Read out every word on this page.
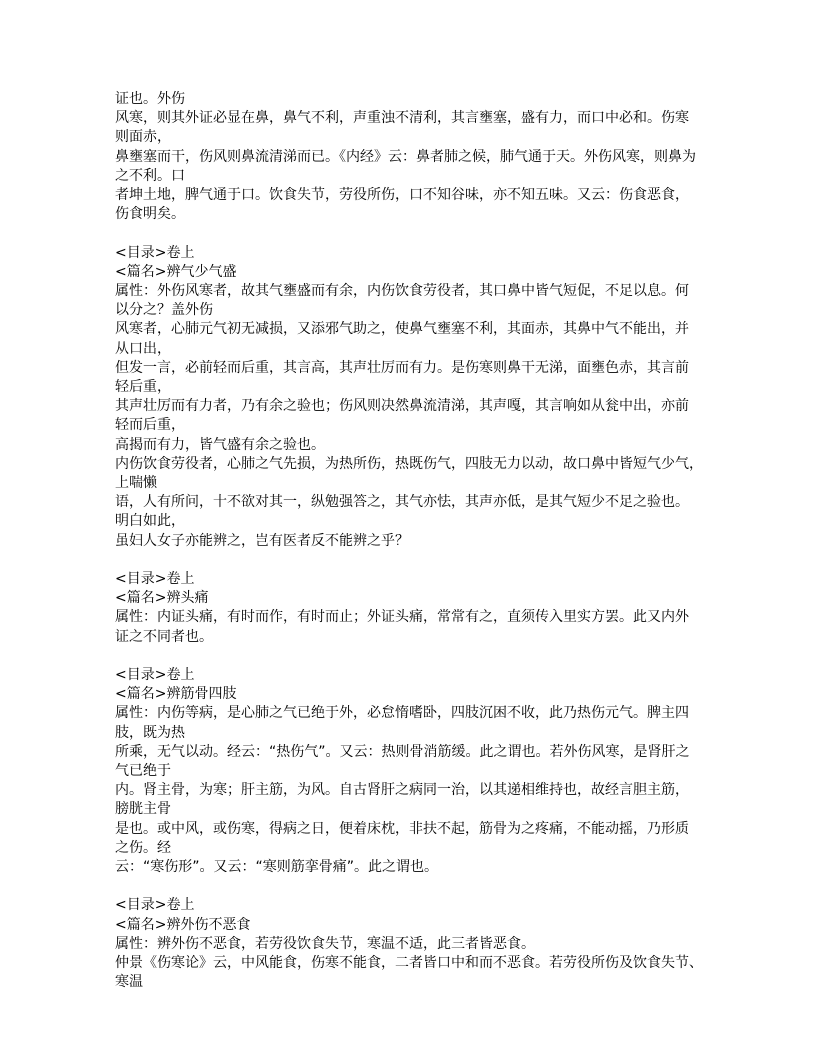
证也。外伤
风寒，则其外证必显在鼻，鼻气不利，声重浊不清利，其言壅塞，盛有力，而口中必和。伤寒
则面赤，
鼻壅塞而干，伤风则鼻流清涕而已。《内经》云：鼻者肺之候，肺气通于天。外伤风寒，则鼻为
之不利。口
者坤土地，脾气通于口。饮食失节，劳役所伤，口不知谷味，亦不知五味。又云：伤食恶食，
伤食明矣。
<目录>卷上
<篇名>辨气少气盛
属性：外伤风寒者，故其气壅盛而有余，内伤饮食劳役者，其口鼻中皆气短促，不足以息。何
以分之？盖外伤
风寒者，心肺元气初无减损，又添邪气助之，使鼻气壅塞不利，其面赤，其鼻中气不能出，并
从口出，
但发一言，必前轻而后重，其言高，其声壮厉而有力。是伤寒则鼻干无涕，面壅色赤，其言前
轻后重，
其声壮厉而有力者，乃有余之验也；伤风则决然鼻流清涕，其声嘎，其言响如从瓮中出，亦前
轻而后重，
高揭而有力，皆气盛有余之验也。
内伤饮食劳役者，心肺之气先损，为热所伤，热既伤气，四肢无力以动，故口鼻中皆短气少气，
上喘懒
语，人有所问，十不欲对其一，纵勉强答之，其气亦怯，其声亦低，是其气短少不足之验也。
明白如此，
虽妇人女子亦能辨之，岂有医者反不能辨之乎？
<目录>卷上
<篇名>辨头痛
属性：内证头痛，有时而作，有时而止；外证头痛，常常有之，直须传入里实方罢。此又内外
证之不同者也。
<目录>卷上
<篇名>辨筋骨四肢
属性：内伤等病，是心肺之气已绝于外，必怠惰嗜卧，四肢沉困不收，此乃热伤元气。脾主四
肢，既为热
所乘，无气以动。经云：“热伤气”。又云：热则骨消筋缓。此之谓也。若外伤风寒，是肾肝之
气已绝于
内。肾主骨，为寒；肝主筋，为风。自古肾肝之病同一治，以其递相维持也，故经言胆主筋，
膀胱主骨
是也。或中风，或伤寒，得病之日，便着床枕，非扶不起，筋骨为之疼痛，不能动摇，乃形质
之伤。经
云：“寒伤形”。又云：“寒则筋挛骨痛”。此之谓也。
<目录>卷上
<篇名>辨外伤不恶食
属性：辨外伤不恶食，若劳役饮食失节，寒温不适，此三者皆恶食。
仲景《伤寒论》云，中风能食，伤寒不能食，二者皆口中和而不恶食。若劳役所伤及饮食失节、
寒温
